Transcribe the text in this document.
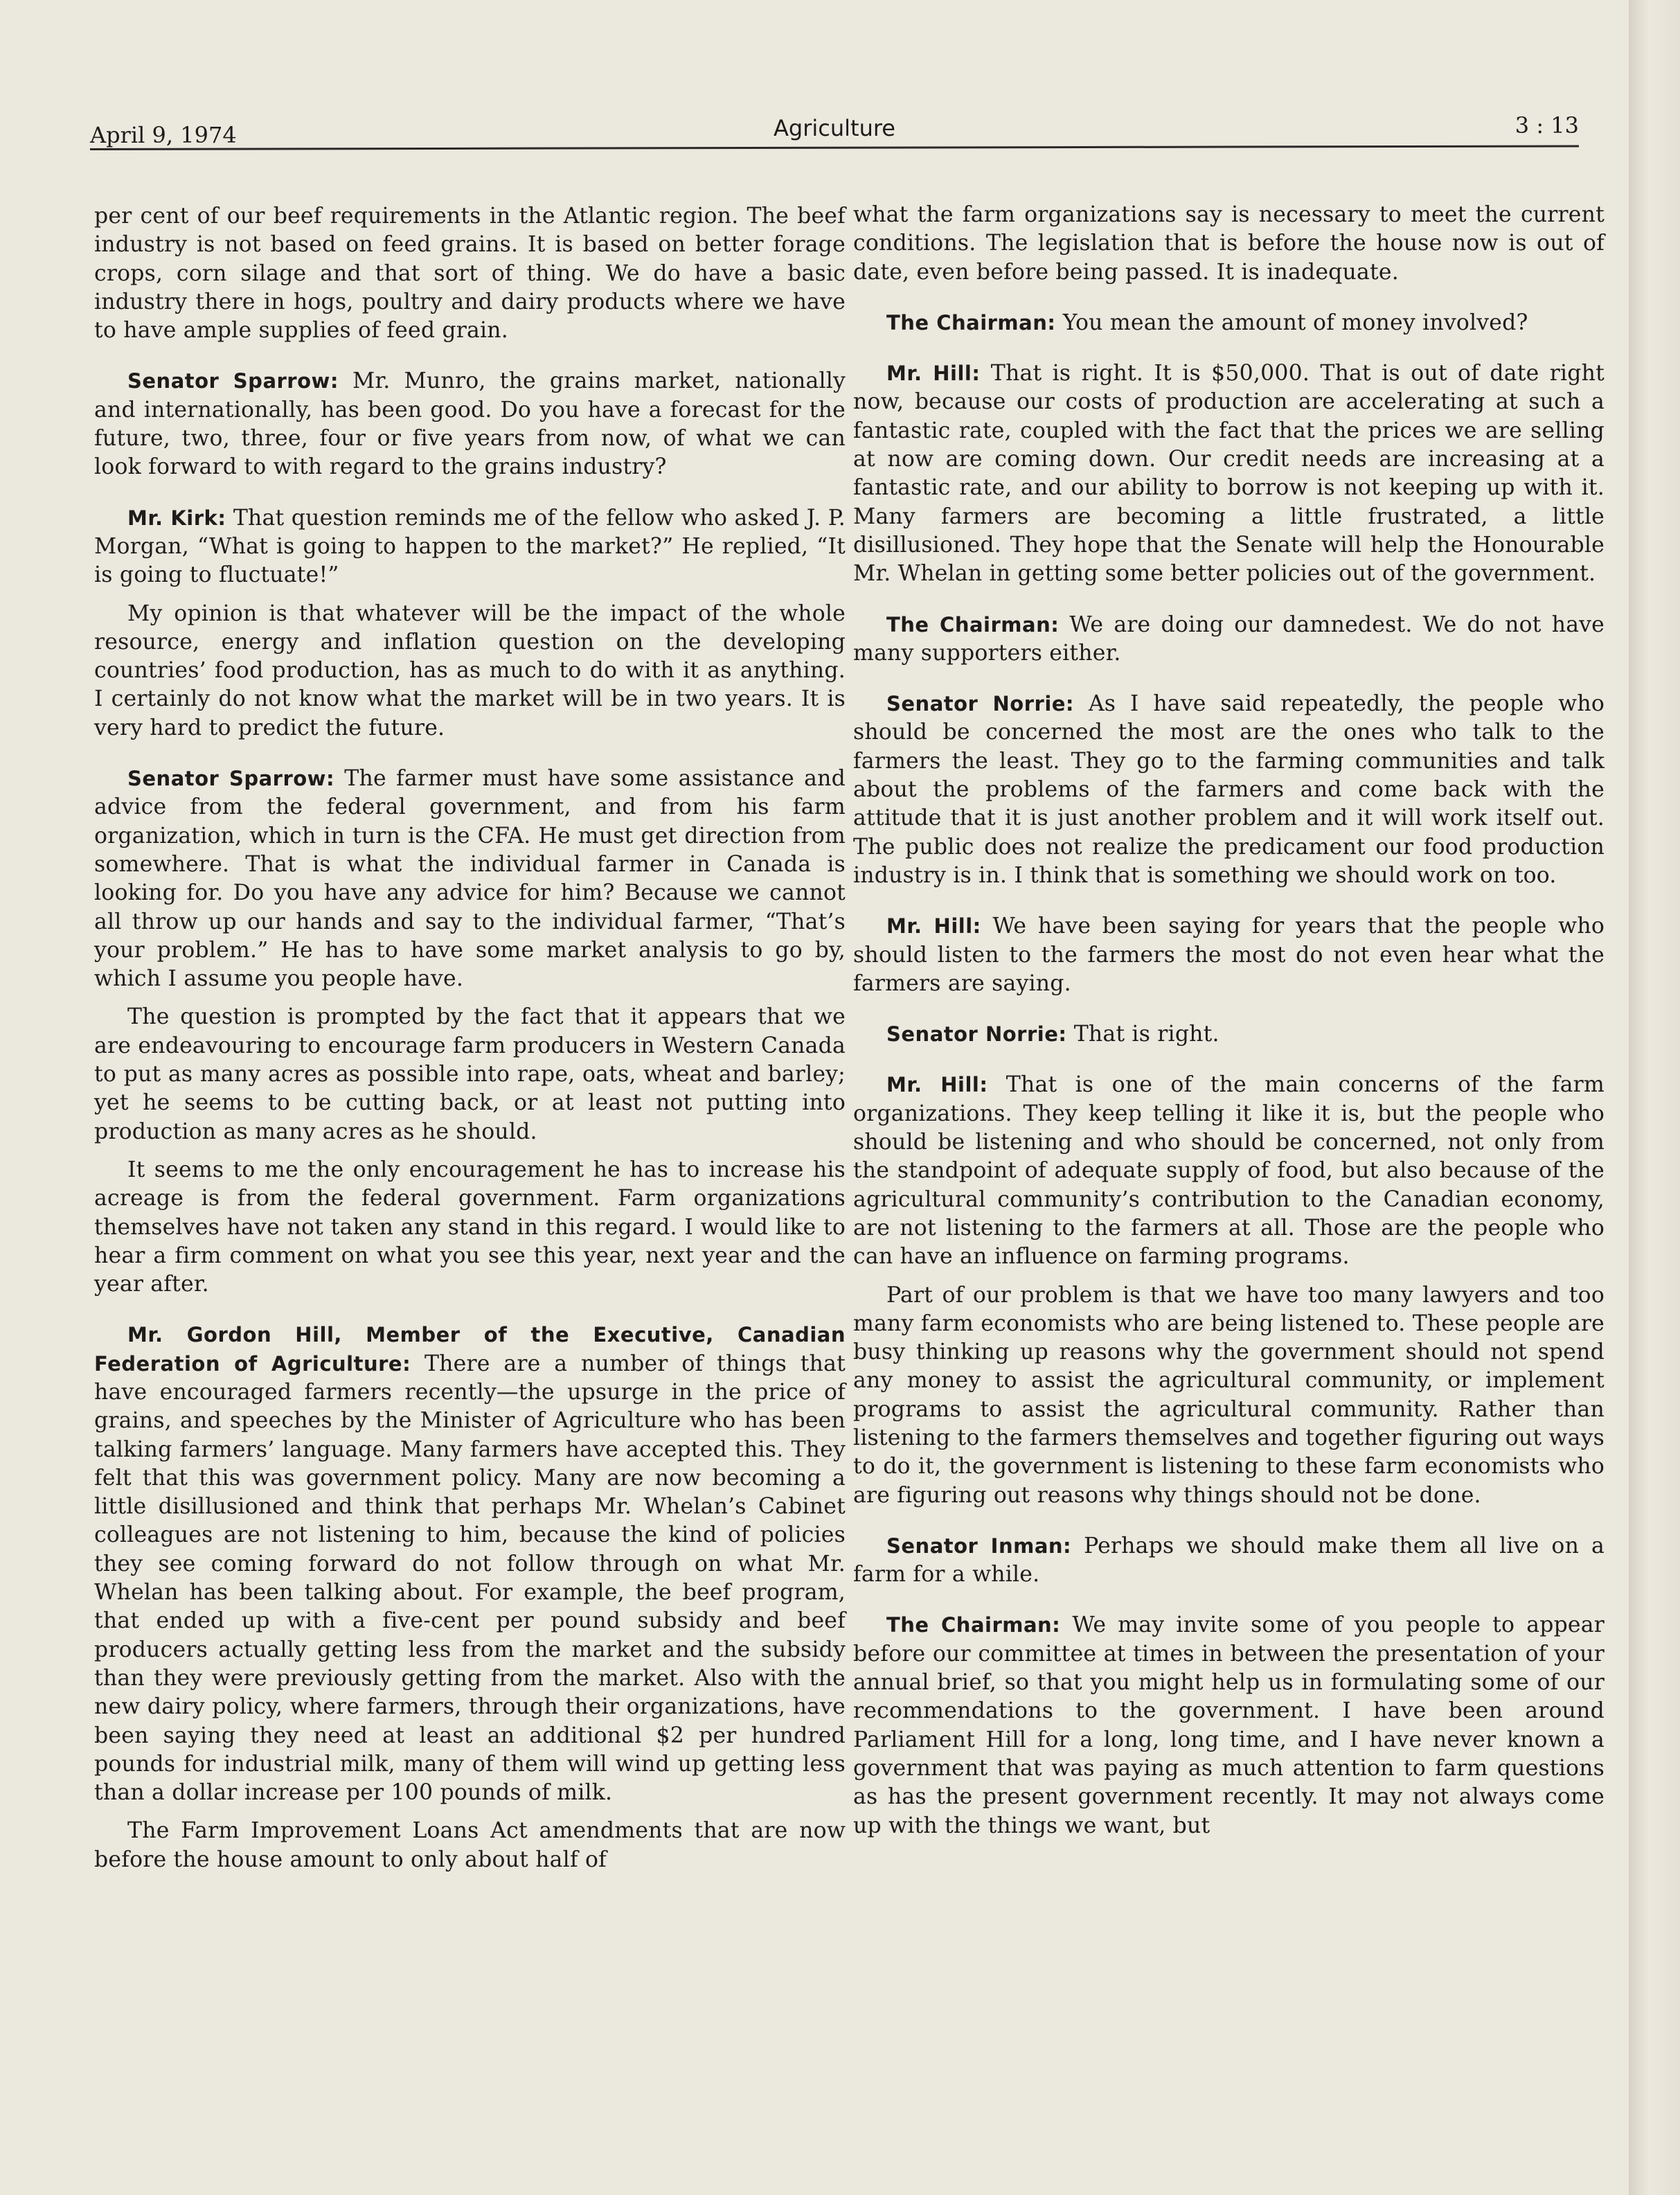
April 9, 1974	Agriculture	3 : 13

per cent of our beef requirements in the Atlantic region. The beef industry is not based on feed grains. It is based on better forage crops, corn silage and that sort of thing. We do have a basic industry there in hogs, poultry and dairy products where we have to have ample supplies of feed grain.

Senator Sparrow: Mr. Munro, the grains market, nationally and internationally, has been good. Do you have a forecast for the future, two, three, four or five years from now, of what we can look forward to with regard to the grains industry?

Mr. Kirk: That question reminds me of the fellow who asked J. P. Morgan, “What is going to happen to the market?” He replied, “It is going to fluctuate!”

My opinion is that whatever will be the impact of the whole resource, energy and inflation question on the developing countries’ food production, has as much to do with it as anything. I certainly do not know what the market will be in two years. It is very hard to predict the future.

Senator Sparrow: The farmer must have some assistance and advice from the federal government, and from his farm organization, which in turn is the CFA. He must get direction from somewhere. That is what the individual farmer in Canada is looking for. Do you have any advice for him? Because we cannot all throw up our hands and say to the individual farmer, “That’s your problem.” He has to have some market analysis to go by, which I assume you people have.

The question is prompted by the fact that it appears that we are endeavouring to encourage farm producers in Western Canada to put as many acres as possible into rape, oats, wheat and barley; yet he seems to be cutting back, or at least not putting into production as many acres as he should.

It seems to me the only encouragement he has to increase his acreage is from the federal government. Farm organizations themselves have not taken any stand in this regard. I would like to hear a firm comment on what you see this year, next year and the year after.

Mr. Gordon Hill, Member of the Executive, Canadian Federation of Agriculture: There are a number of things that have encouraged farmers recently—the upsurge in the price of grains, and speeches by the Minister of Agriculture who has been talking farmers’ language. Many farmers have accepted this. They felt that this was government policy. Many are now becoming a little disillusioned and think that perhaps Mr. Whelan’s Cabinet colleagues are not listening to him, because the kind of policies they see coming forward do not follow through on what Mr. Whelan has been talking about. For example, the beef program, that ended up with a five-cent per pound subsidy and beef producers actually getting less from the market and the subsidy than they were previously getting from the market. Also with the new dairy policy, where farmers, through their organizations, have been saying they need at least an additional $2 per hundred pounds for industrial milk, many of them will wind up getting less than a dollar increase per 100 pounds of milk.

The Farm Improvement Loans Act amendments that are now before the house amount to only about half of

what the farm organizations say is necessary to meet the current conditions. The legislation that is before the house now is out of date, even before being passed. It is inadequate.

The Chairman: You mean the amount of money involved?

Mr. Hill: That is right. It is $50,000. That is out of date right now, because our costs of production are accelerating at such a fantastic rate, coupled with the fact that the prices we are selling at now are coming down. Our credit needs are increasing at a fantastic rate, and our ability to borrow is not keeping up with it. Many farmers are becoming a little frustrated, a little disillusioned. They hope that the Senate will help the Honourable Mr. Whelan in getting some better policies out of the government.

The Chairman: We are doing our damnedest. We do not have many supporters either.

Senator Norrie: As I have said repeatedly, the people who should be concerned the most are the ones who talk to the farmers the least. They go to the farming communities and talk about the problems of the farmers and come back with the attitude that it is just another problem and it will work itself out. The public does not realize the predicament our food production industry is in. I think that is something we should work on too.

Mr. Hill: We have been saying for years that the people who should listen to the farmers the most do not even hear what the farmers are saying.

Senator Norrie: That is right.

Mr. Hill: That is one of the main concerns of the farm organizations. They keep telling it like it is, but the people who should be listening and who should be concerned, not only from the standpoint of adequate supply of food, but also because of the agricultural community’s contribution to the Canadian economy, are not listening to the farmers at all. Those are the people who can have an influence on farming programs.

Part of our problem is that we have too many lawyers and too many farm economists who are being listened to. These people are busy thinking up reasons why the government should not spend any money to assist the agricultural community, or implement programs to assist the agricultural community. Rather than listening to the farmers themselves and together figuring out ways to do it, the government is listening to these farm economists who are figuring out reasons why things should not be done.

Senator Inman: Perhaps we should make them all live on a farm for a while.

The Chairman: We may invite some of you people to appear before our committee at times in between the presentation of your annual brief, so that you might help us in formulating some of our recommendations to the government. I have been around Parliament Hill for a long, long time, and I have never known a government that was paying as much attention to farm questions as has the present government recently. It may not always come up with the things we want, but
